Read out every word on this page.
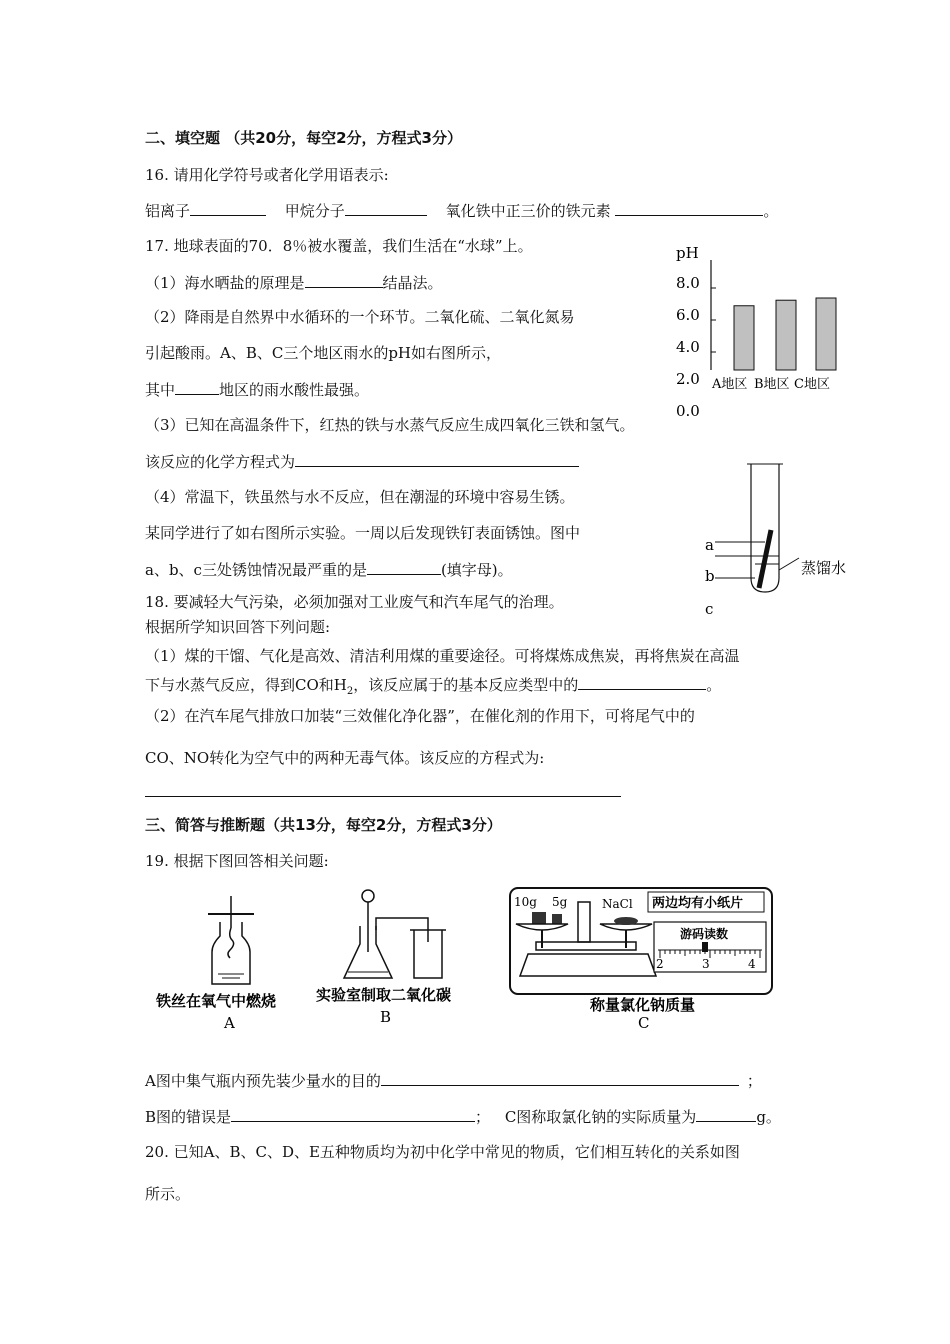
二、填空题 （共20分，每空2分，方程式3分）
16. 请用化学符号或者化学用语表示:
铝离子	甲烷分子	氧化铁中正三价的铁元素	。
17. 地球表面的70．8％被水覆盖，我们生活在“水球”上。
（1）海水晒盐的原理是	结晶法。
（2）降雨是自然界中水循环的一个环节。二氧化硫、二氧化氮易
引起酸雨。A、B、C三个地区雨水的pH如右图所示，
其中	地区的雨水酸性最强。
（3）已知在高温条件下，红热的铁与水蒸气反应生成四氧化三铁和氢气。
该反应的化学方程式为
（4）常温下，铁虽然与水不反应，但在潮湿的环境中容易生锈。
某同学进行了如右图所示实验。一周以后发现铁钉表面锈蚀。图中
a、b、c三处锈蚀情况最严重的是	(填字母)。
pH
8.0
6.0
4.0
2.0
0.0
A地区 B地区 C地区
a
b
c
蒸馏水
18. 要减轻大气污染，必须加强对工业废气和汽车尾气的治理。
根据所学知识回答下列问题:
（1）煤的干馏、气化是高效、清洁利用煤的重要途径。可将煤炼成焦炭，再将焦炭在高温
下与水蒸气反应，得到CO和$H_2$，该反应属于的基本反应类型中的	。
（2）在汽车尾气排放口加装“三效催化净化器”，在催化剂的作用下，可将尾气中的
CO、NO转化为空气中的两种无毒气体。该反应的方程式为:
三、简答与推断题（共13分，每空2分，方程式3分）
19. 根据下图回答相关问题:
铁丝在氧气中燃烧
A
实验室制取二氧化碳
B
10g 5g	NaCl 两边均有小纸片
游码读数
2	3	4
称量氯化钠质量
C
A图中集气瓶内预先装少量水的目的	；
B图的错误是	； C图称取氯化钠的实际质量为	g。
20. 已知A、B、C、D、E五种物质均为初中化学中常见的物质，它们相互转化的关系如图
所示。
